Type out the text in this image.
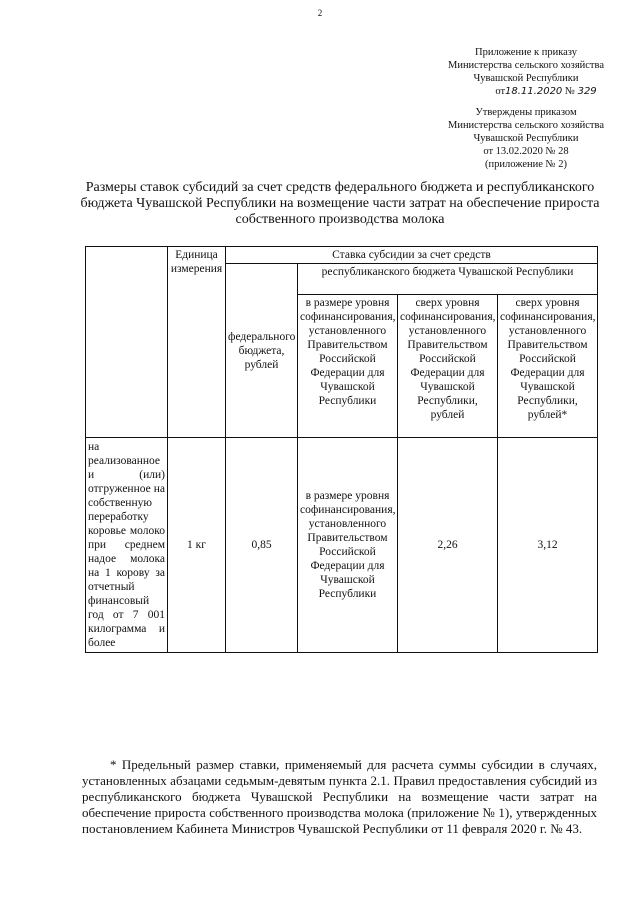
2
Приложение к приказу
Министерства сельского хозяйства
Чувашской Республики
от18.11.2020 № 329
Утверждены приказом
Министерства сельского хозяйства
Чувашской Республики
от 13.02.2020 № 28
(приложение № 2)
Размеры ставок субсидий за счет средств федерального бюджета и республиканского бюджета Чувашской Республики на возмещение части затрат на обеспечение прироста собственного производства молока
	Единица измерения	Ставка субсидии за счет средств			
		федерального бюджета, рублей	республиканского бюджета Чувашской Республики		
			в размере уровня софинансирования, установленного Правительством Российской Федерации для Чувашской Республики	сверх уровня софинансирования, установленного Правительством Российской Федерации для Чувашской Республики, рублей	сверх уровня софинансирования, установленного Правительством Российской Федерации для Чувашской Республики, рублей*
на реализованное и (или) отгруженное на собственную переработку коровье молоко при среднем надое молока на 1 корову за отчетный финансовый год от 7 001 килограмма и более	1 кг	0,85	в размере уровня софинансирования, установленного Правительством Российской Федерации для Чувашской Республики	2,26	3,12
* Предельный размер ставки, применяемый для расчета суммы субсидии в случаях, установленных абзацами седьмым-девятым пункта 2.1. Правил предоставления субсидий из республиканского бюджета Чувашской Республики на возмещение части затрат на обеспечение прироста собственного производства молока (приложение № 1), утвержденных постановлением Кабинета Министров Чувашской Республики от 11 февраля 2020 г. № 43.
